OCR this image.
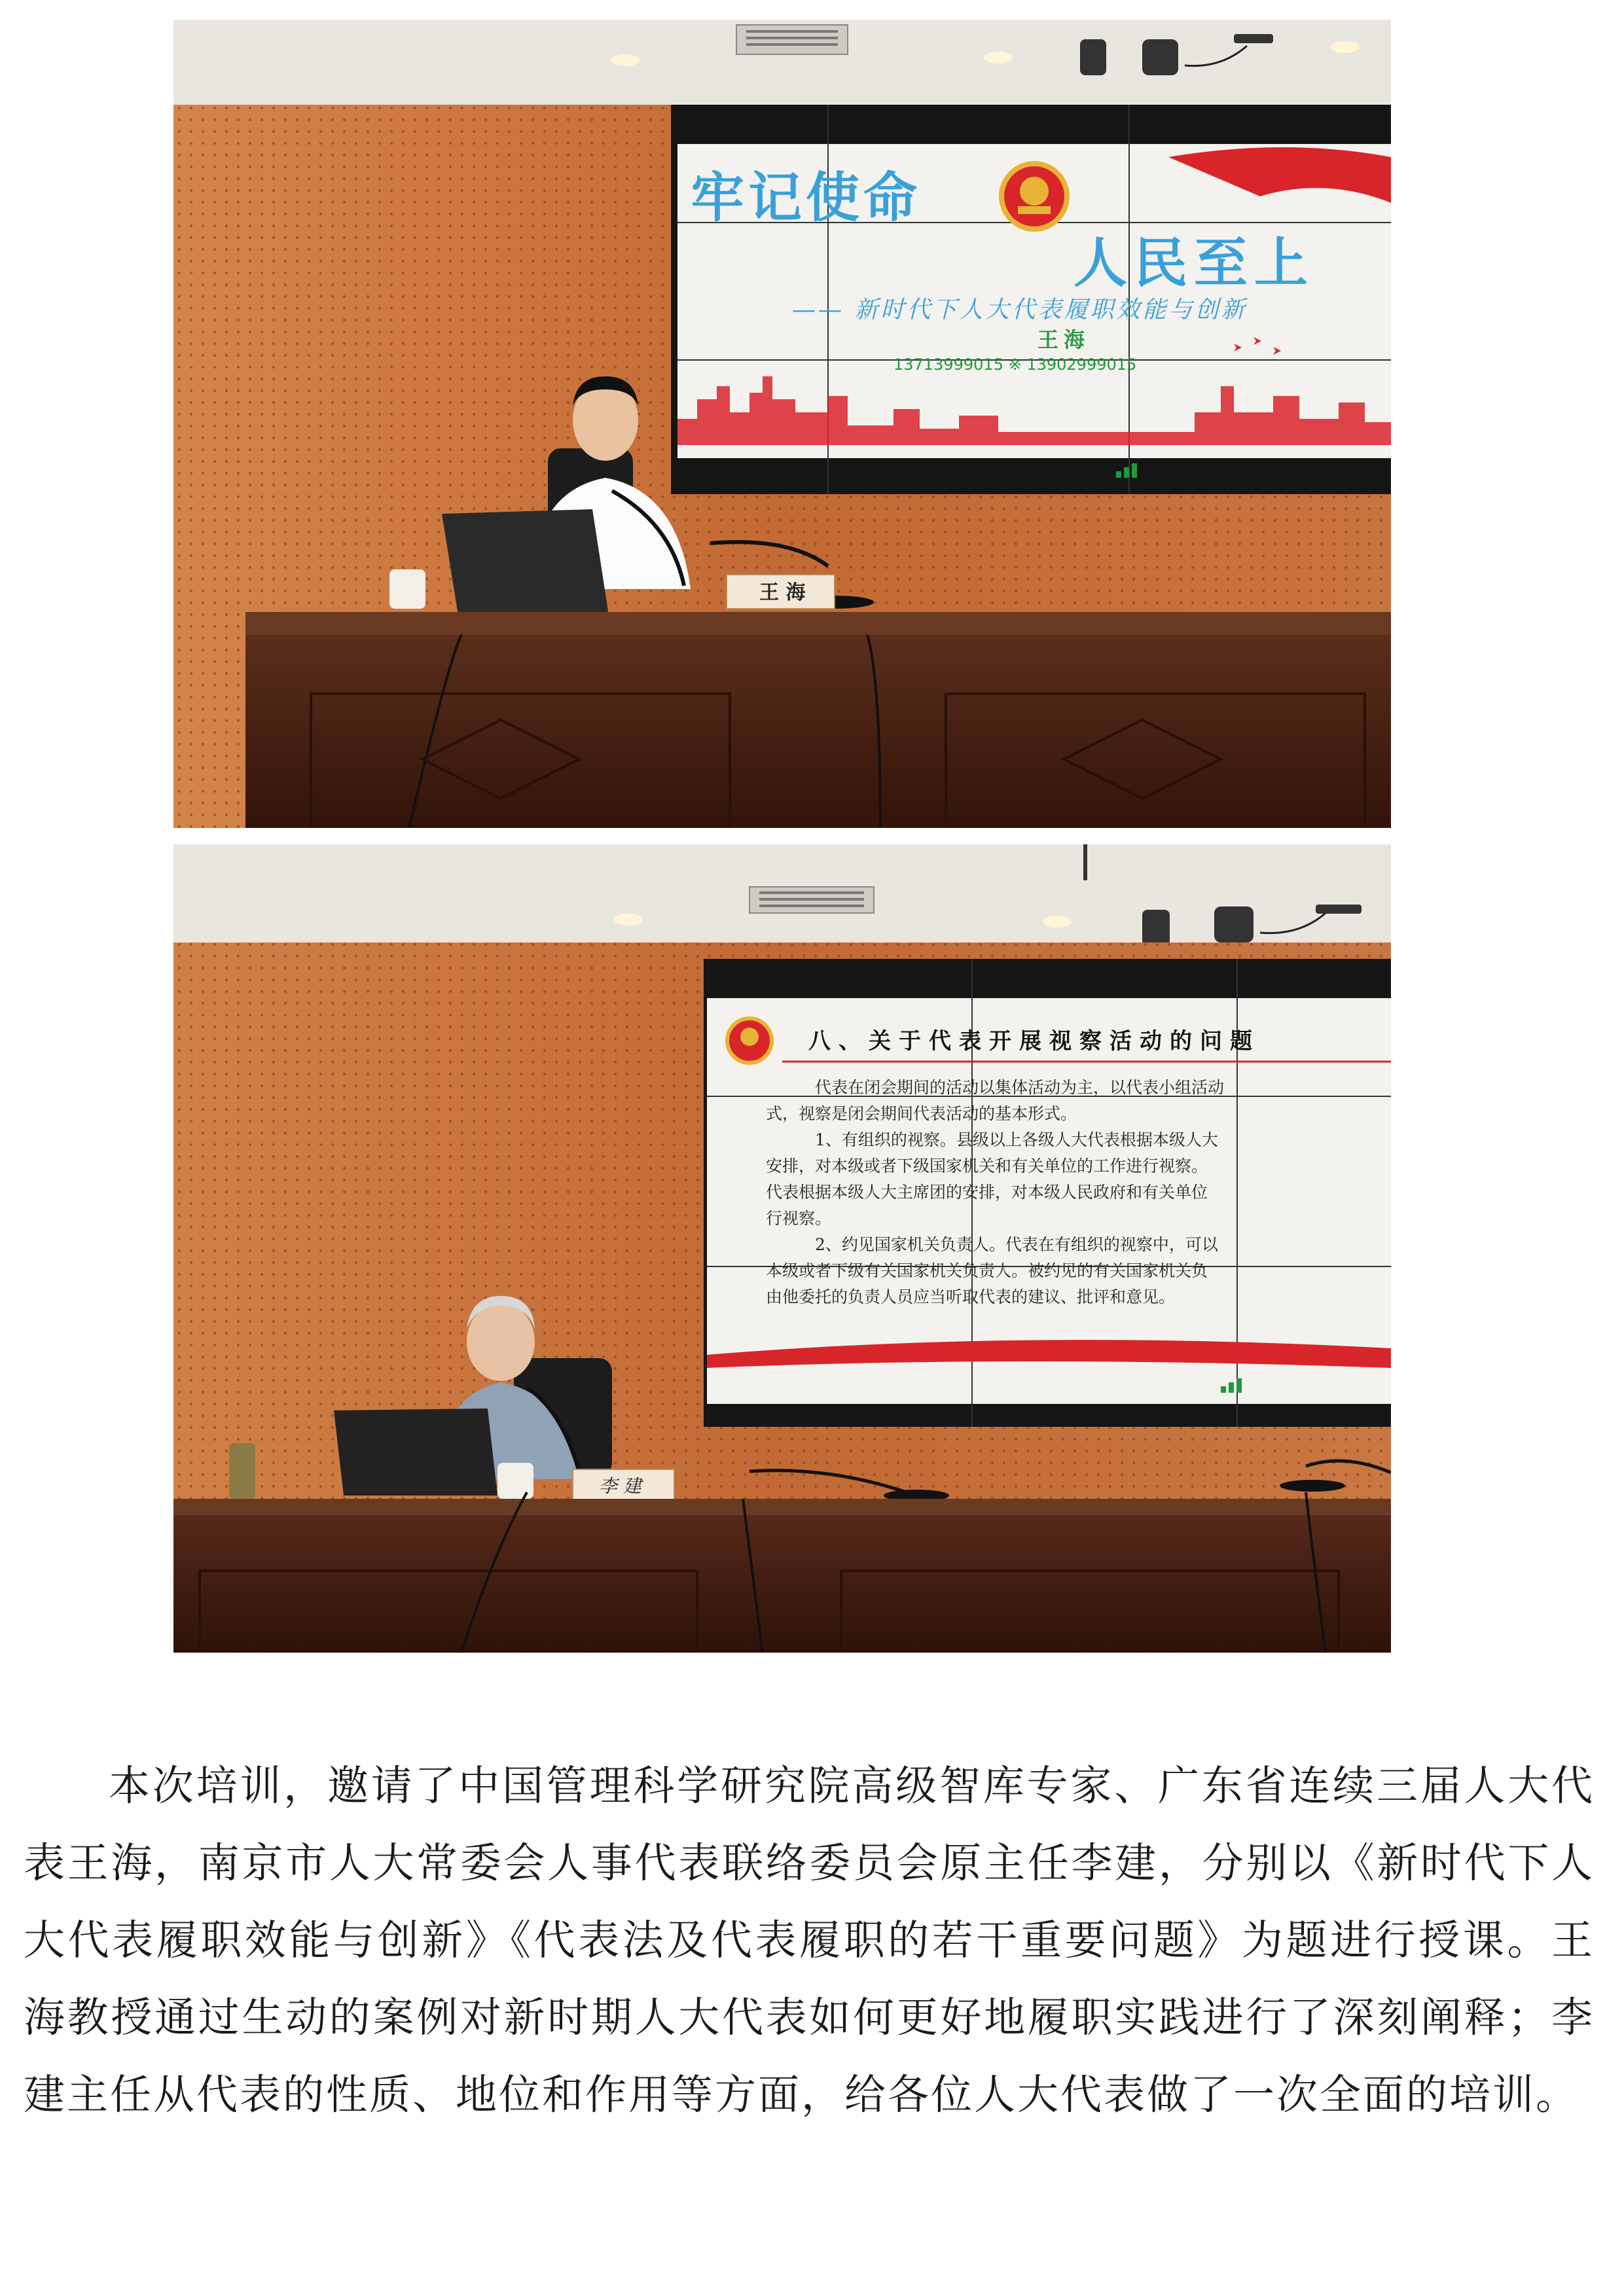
牢记使命
人民至上
—— 新时代下人大代表履职效能与创新
王海
13713999015 ※ 13902999015
王 海
八、关于代表开展视察活动的问题
代表在闭会期间的活动以集体活动为主，以代表小组活动
式，视察是闭会期间代表活动的基本形式。
1、有组织的视察。县级以上各级人大代表根据本级人大
安排，对本级或者下级国家机关和有关单位的工作进行视察。
代表根据本级人大主席团的安排，对本级人民政府和有关单位
行视察。
2、约见国家机关负责人。代表在有组织的视察中，可以
本级或者下级有关国家机关负责人。被约见的有关国家机关负
由他委托的负责人员应当听取代表的建议、批评和意见。
李 建

本次培训，邀请了中国管理科学研究院高级智库专家、广东省连续三届人大代表王海，南京市人大常委会人事代表联络委员会原主任李建，分别以《新时代下人大代表履职效能与创新》《代表法及代表履职的若干重要问题》为题进行授课。王海教授通过生动的案例对新时期人大代表如何更好地履职实践进行了深刻阐释；李建主任从代表的性质、地位和作用等方面，给各位人大代表做了一次全面的培训。
